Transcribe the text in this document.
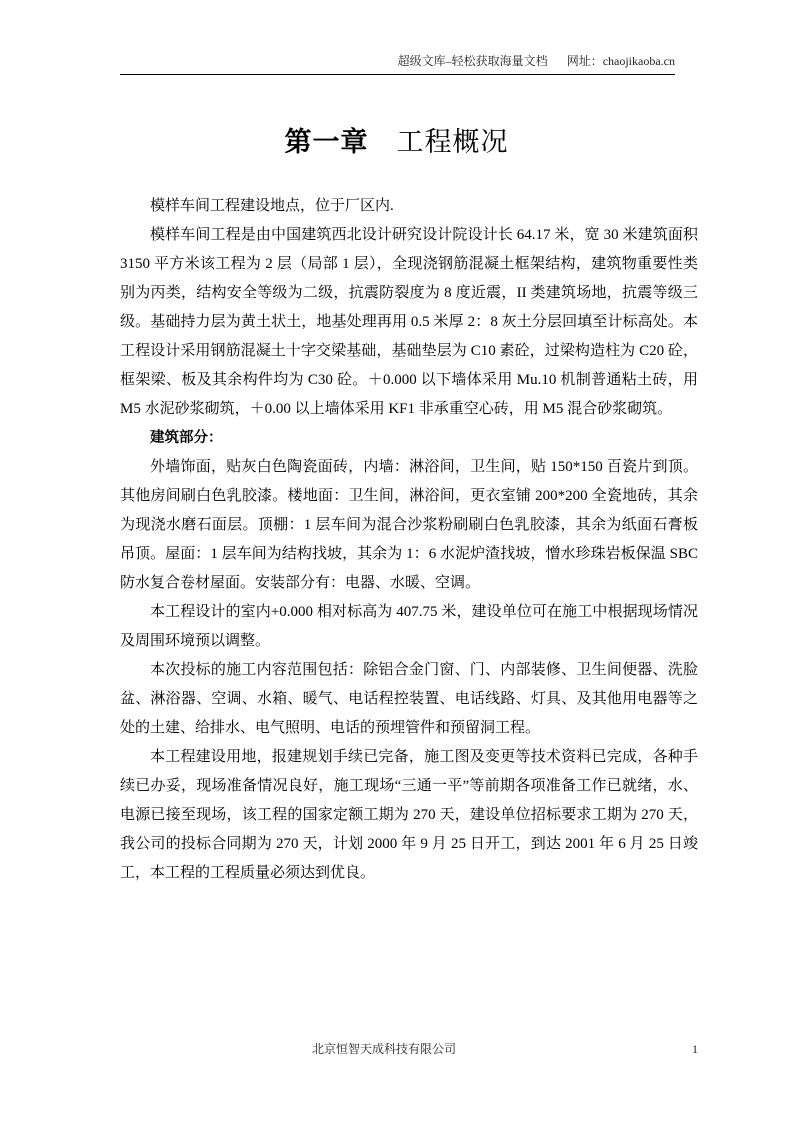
超级文库–轻松获取海量文档 网址：chaojikaoba.cn
第一章 工程概况

模样车间工程建设地点，位于厂区内.

模样车间工程是由中国建筑西北设计研究设计院设计长 64.17 米，宽 30 米建筑面积 3150 平方米该工程为 2 层（局部 1 层），全现浇钢筋混凝土框架结构，建筑物重要性类别为丙类，结构安全等级为二级，抗震防裂度为 8 度近震，II 类建筑场地，抗震等级三级。基础持力层为黄土状土，地基处理再用 0.5 米厚 2：8 灰土分层回填至计标高处。本工程设计采用钢筋混凝土十字交梁基础，基础垫层为 C10 素砼，过梁构造柱为 C20 砼，框架梁、板及其余构件均为 C30 砼。＋0.000 以下墙体采用 Mu.10 机制普通粘土砖，用 M5 水泥砂浆砌筑，＋0.00 以上墙体采用 KF1 非承重空心砖，用 M5 混合砂浆砌筑。

建筑部分：

外墙饰面，贴灰白色陶瓷面砖，内墙：淋浴间，卫生间，贴 150*150 百瓷片到顶。其他房间刷白色乳胶漆。楼地面：卫生间，淋浴间，更衣室铺 200*200 全瓷地砖，其余为现浇水磨石面层。顶棚：1 层车间为混合沙浆粉刷刷白色乳胶漆，其余为纸面石膏板吊顶。屋面：1 层车间为结构找坡，其余为 1：6 水泥炉渣找坡，憎水珍珠岩板保温 SBC 防水复合卷材屋面。安装部分有：电器、水暖、空调。

本工程设计的室内+0.000 相对标高为 407.75 米，建设单位可在施工中根据现场情况及周围环境预以调整。

本次投标的施工内容范围包括：除铝合金门窗、门、内部装修、卫生间便器、洗脸盆、淋浴器、空调、水箱、暖气、电话程控装置、电话线路、灯具、及其他用电器等之处的土建、给排水、电气照明、电话的预埋管件和预留洞工程。

本工程建设用地，报建规划手续已完备，施工图及变更等技术资料已完成，各种手续已办妥，现场准备情况良好，施工现场“三通一平”等前期各项准备工作已就绪，水、电源已接至现场，该工程的国家定额工期为 270 天，建设单位招标要求工期为 270 天，我公司的投标合同期为 270 天，计划 2000 年 9 月 25 日开工，到达 2001 年 6 月 25 日竣工，本工程的工程质量必须达到优良。

北京恒智天成科技有限公司	1
